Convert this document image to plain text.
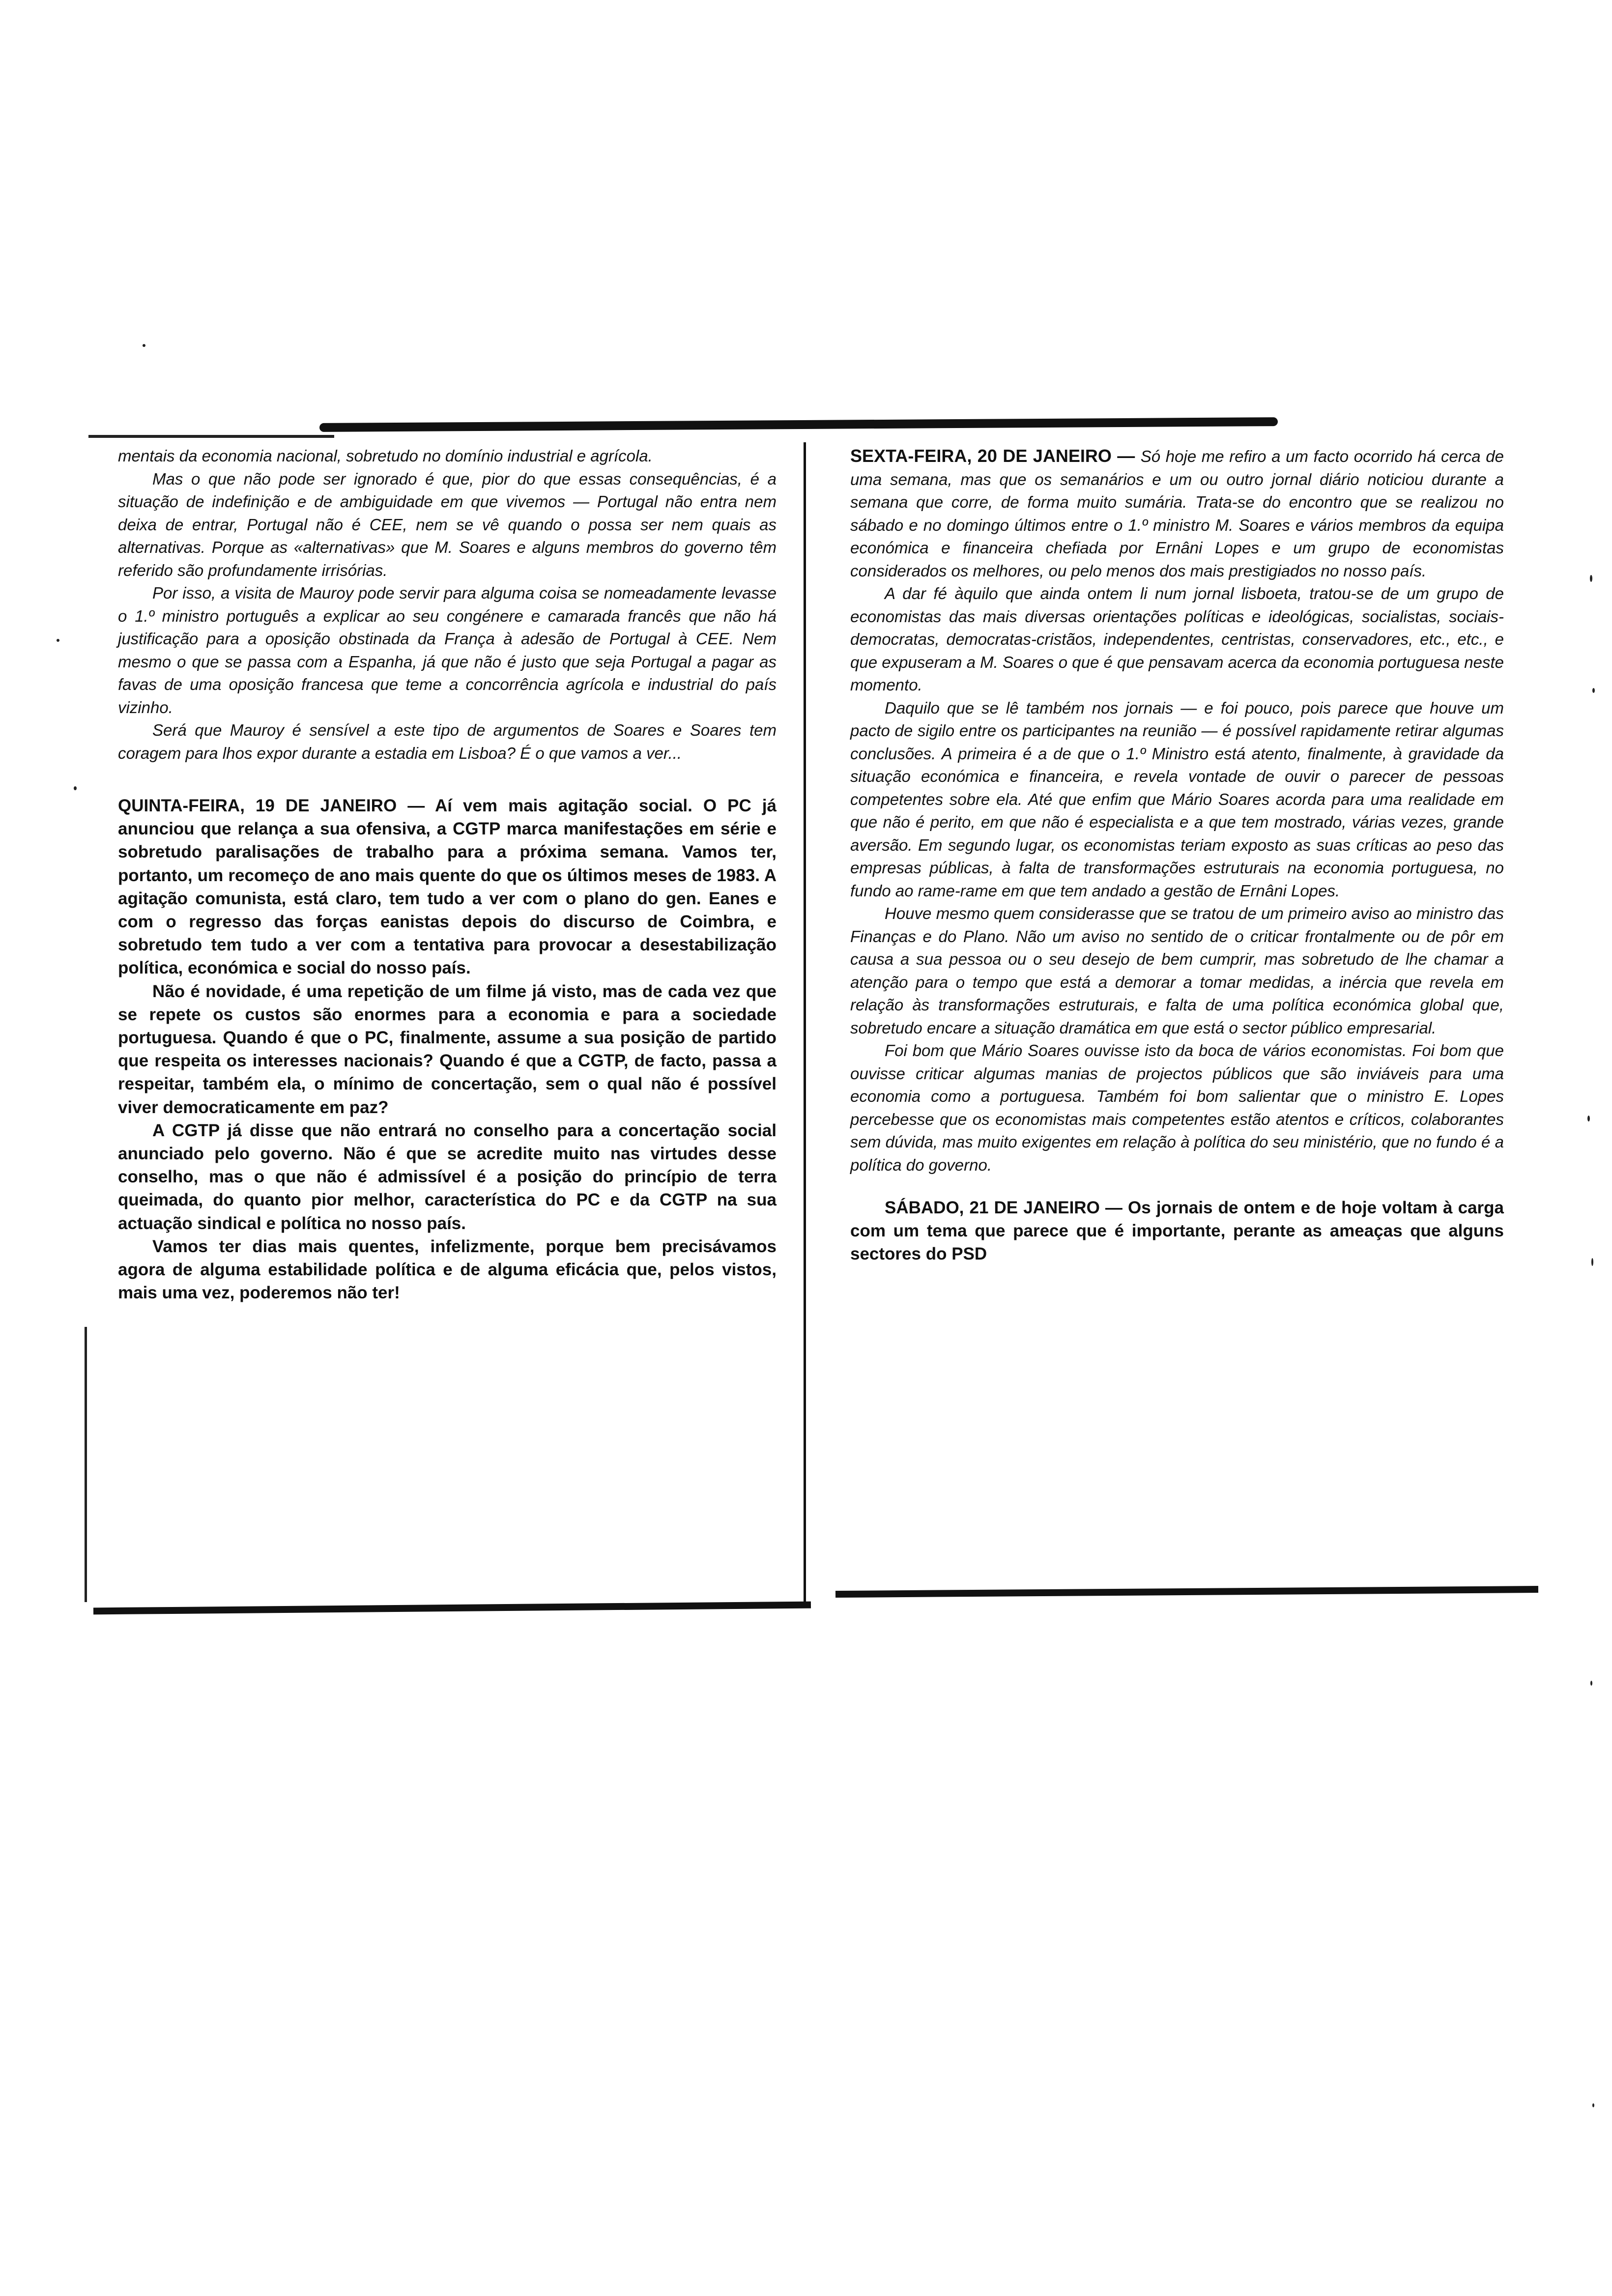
mentais da economia nacional, sobretudo no domínio industrial e agrícola.

Mas o que não pode ser ignorado é que, pior do que essas consequências, é a situação de indefinição e de ambiguidade em que vivemos — Portugal não entra nem deixa de entrar, Portugal não é CEE, nem se vê quando o possa ser nem quais as alternativas. Porque as «alternativas» que M. Soares e alguns membros do governo têm referido são profundamente irrisórias.

Por isso, a visita de Mauroy pode servir para alguma coisa se nomeadamente levasse o 1.º ministro português a explicar ao seu congénere e camarada francês que não há justificação para a oposição obstinada da França à adesão de Portugal à CEE. Nem mesmo o que se passa com a Espanha, já que não é justo que seja Portugal a pagar as favas de uma oposição francesa que teme a concorrência agrícola e industrial do país vizinho.

Será que Mauroy é sensível a este tipo de argumentos de Soares e Soares tem coragem para lhos expor durante a estadia em Lisboa? É o que vamos a ver...

QUINTA-FEIRA, 19 DE JANEIRO — Aí vem mais agitação social. O PC já anunciou que relança a sua ofensiva, a CGTP marca manifestações em série e sobretudo paralisações de trabalho para a próxima semana. Vamos ter, portanto, um recomeço de ano mais quente do que os últimos meses de 1983. A agitação comunista, está claro, tem tudo a ver com o plano do gen. Eanes e com o regresso das forças eanistas depois do discurso de Coimbra, e sobretudo tem tudo a ver com a tentativa para provocar a desestabilização política, económica e social do nosso país.

Não é novidade, é uma repetição de um filme já visto, mas de cada vez que se repete os custos são enormes para a economia e para a sociedade portuguesa. Quando é que o PC, finalmente, assume a sua posição de partido que respeita os interesses nacionais? Quando é que a CGTP, de facto, passa a respeitar, também ela, o mínimo de concertação, sem o qual não é possível viver democraticamente em paz?

A CGTP já disse que não entrará no conselho para a concertação social anunciado pelo governo. Não é que se acredite muito nas virtudes desse conselho, mas o que não é admissível é a posição do princípio de terra queimada, do quanto pior melhor, característica do PC e da CGTP na sua actuação sindical e política no nosso país.

Vamos ter dias mais quentes, infelizmente, porque bem precisávamos agora de alguma estabilidade política e de alguma eficácia que, pelos vistos, mais uma vez, poderemos não ter!

SEXTA-FEIRA, 20 DE JANEIRO — Só hoje me refiro a um facto ocorrido há cerca de uma semana, mas que os semanários e um ou outro jornal diário noticiou durante a semana que corre, de forma muito sumária. Trata-se do encontro que se realizou no sábado e no domingo últimos entre o 1.º ministro M. Soares e vários membros da equipa económica e financeira chefiada por Ernâni Lopes e um grupo de economistas considerados os melhores, ou pelo menos dos mais prestigiados no nosso país.

A dar fé àquilo que ainda ontem li num jornal lisboeta, tratou-se de um grupo de economistas das mais diversas orientações políticas e ideológicas, socialistas, sociais-democratas, democratas-cristãos, independentes, centristas, conservadores, etc., etc., e que expuseram a M. Soares o que é que pensavam acerca da economia portuguesa neste momento.

Daquilo que se lê também nos jornais — e foi pouco, pois parece que houve um pacto de sigilo entre os participantes na reunião — é possível rapidamente retirar algumas conclusões. A primeira é a de que o 1.º Ministro está atento, finalmente, à gravidade da situação económica e financeira, e revela vontade de ouvir o parecer de pessoas competentes sobre ela. Até que enfim que Mário Soares acorda para uma realidade em que não é perito, em que não é especialista e a que tem mostrado, várias vezes, grande aversão. Em segundo lugar, os economistas teriam exposto as suas críticas ao peso das empresas públicas, à falta de transformações estruturais na economia portuguesa, no fundo ao rame-rame em que tem andado a gestão de Ernâni Lopes.

Houve mesmo quem considerasse que se tratou de um primeiro aviso ao ministro das Finanças e do Plano. Não um aviso no sentido de o criticar frontalmente ou de pôr em causa a sua pessoa ou o seu desejo de bem cumprir, mas sobretudo de lhe chamar a atenção para o tempo que está a demorar a tomar medidas, a inércia que revela em relação às transformações estruturais, e falta de uma política económica global que, sobretudo encare a situação dramática em que está o sector público empresarial.

Foi bom que Mário Soares ouvisse isto da boca de vários economistas. Foi bom que ouvisse criticar algumas manias de projectos públicos que são inviáveis para uma economia como a portuguesa. Também foi bom salientar que o ministro E. Lopes percebesse que os economistas mais competentes estão atentos e críticos, colaborantes sem dúvida, mas muito exigentes em relação à política do seu ministério, que no fundo é a política do governo.

SÁBADO, 21 DE JANEIRO — Os jornais de ontem e de hoje voltam à carga com um tema que parece que é importante, perante as ameaças que alguns sectores do PSD
